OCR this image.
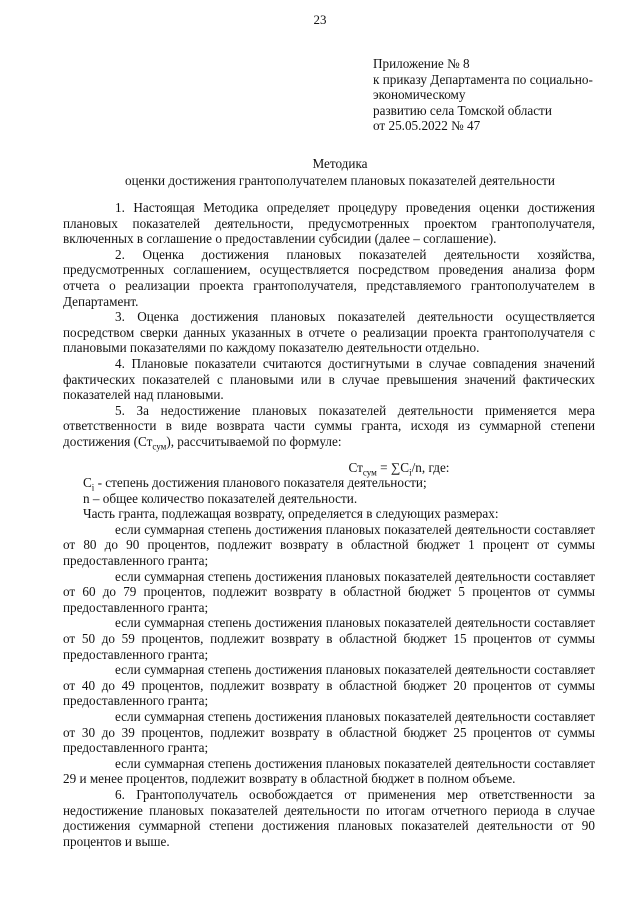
23
Приложение № 8
к приказу Департамента по социально-
экономическому
развитию села Томской области
от 25.05.2022 № 47
Методика
оценки достижения грантополучателем плановых показателей деятельности

1. Настоящая Методика определяет процедуру проведения оценки достижения плановых показателей деятельности, предусмотренных проектом грантополучателя, включенных в соглашение о предоставлении субсидии (далее – соглашение).

2. Оценка достижения плановых показателей деятельности хозяйства, предусмотренных соглашением, осуществляется посредством проведения анализа форм отчета о реализации проекта грантополучателя, представляемого грантополучателем в Департамент.

3. Оценка достижения плановых показателей деятельности осуществляется посредством сверки данных указанных в отчете о реализации проекта грантополучателя с плановыми показателями по каждому показателю деятельности отдельно.

4. Плановые показатели считаются достигнутыми в случае совпадения значений фактических показателей с плановыми или в случае превышения значений фактических показателей над плановыми.

5. За недостижение плановых показателей деятельности применяется мера ответственности в виде возврата части суммы гранта, исходя из суммарной степени достижения $(Ст_{сум})$, рассчитываемой по формуле:

$Ст_{сум} = \sum C_i/n$, где:

$C_i$ - степень достижения планового показателя деятельности;

n – общее количество показателей деятельности.

Часть гранта, подлежащая возврату, определяется в следующих размерах:

если суммарная степень достижения плановых показателей деятельности составляет от 80 до 90 процентов, подлежит возврату в областной бюджет 1 процент от суммы предоставленного гранта;

если суммарная степень достижения плановых показателей деятельности составляет от 60 до 79 процентов, подлежит возврату в областной бюджет 5 процентов от суммы предоставленного гранта;

если суммарная степень достижения плановых показателей деятельности составляет от 50 до 59 процентов, подлежит возврату в областной бюджет 15 процентов от суммы предоставленного гранта;

если суммарная степень достижения плановых показателей деятельности составляет от 40 до 49 процентов, подлежит возврату в областной бюджет 20 процентов от суммы предоставленного гранта;

если суммарная степень достижения плановых показателей деятельности составляет от 30 до 39 процентов, подлежит возврату в областной бюджет 25 процентов от суммы предоставленного гранта;

если суммарная степень достижения плановых показателей деятельности составляет 29 и менее процентов, подлежит возврату в областной бюджет в полном объеме.

6. Грантополучатель освобождается от применения мер ответственности за недостижение плановых показателей деятельности по итогам отчетного периода в случае достижения суммарной степени достижения плановых показателей деятельности от 90 процентов и выше.
